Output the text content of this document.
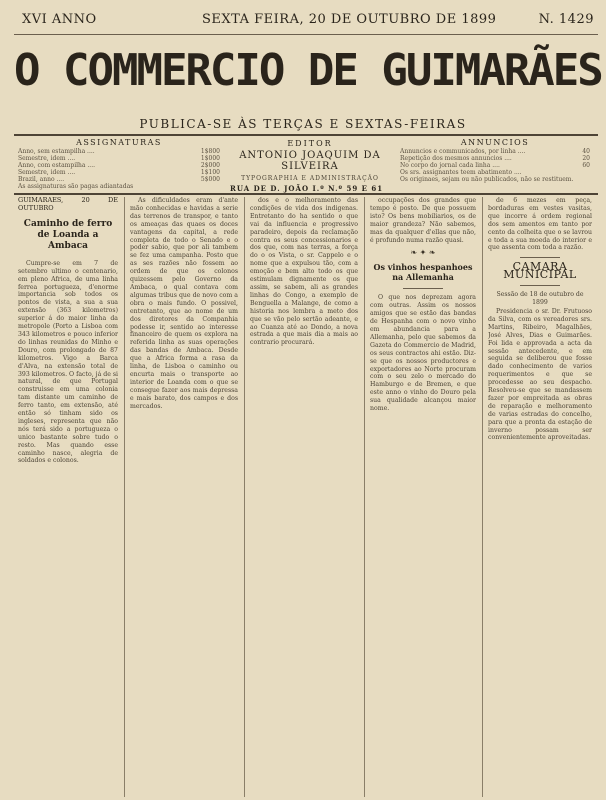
XVI ANNO	SEXTA FEIRA, 20 DE OUTUBRO DE 1899	N. 1429
O COMMERCIO DE GUIMARÃES
PUBLICA-SE ÀS TERÇAS E SEXTAS-FEIRAS
ASSIGNATURAS
Anno, sem estampilha ....	1$800
Semestre, idem ....	1$000
Anno, com estampilha ....	2$000
Semestre, idem ....	1$100
Brazil, anno ....	5$000
As assignaturas são pagas adiantadas
EDITOR
ANTONIO JOAQUIM DA SILVEIRA
TYPOGRAPHIA E ADMINISTRAÇÃO
RUA DE D. JOÃO I.º N.º 59 E 61
ANNUNCIOS
Annuncios e communicados, por linha ....	40
Repetição dos mesmos annuncios ....	20
No corpo do jornal cada linha ....	60
Os srs. assignantes teem abatimento ....
Os originaes, sejam ou não publicados, não se restituem.

GUIMARÃES, 20 DE OUTUBRO

Caminho de ferro de Loanda a Ambaca

Cumpre-se em 7 de setembro ultimo o centenario, em pleno Africa, de uma linha ferrea portugueza, d'enorme importancia sob todos os pontos de vista, a sua a sua extensão (363 kilometros) superior á do maior linha da metropole (Porto a Lisboa com 343 kilometros e pouco inferior do linhas reunidas do Minho e Douro, com prolongado de 87 kilometros. Vigo a Barca d'Alva, na extensão total de 393 kilometros. O facto, já de si natural, de que Portugal construisse em uma colonia tam distante um caminho de ferro tanto, em extensão, até então só tinham sido os ingleses, representa que não nós terá sido a portugueza o unico bastante sobre tudo o resto. Mas quando esse caminho nasce, alegria de soldados e colonos.

As dificuldades eram d'ante mão conhecidas e havidas a serie das terrenos de transpor, e tanto os ameaças das quaes os doces vantagens da capital, a rede completa de todo o Senado e o poder sabio, que por ali tambem se fez uma campanha. Posto que as ses razões não fossem ao ordem de que os colonos quizessem pelo Governo da Ambaca, o qual contava com algumas tribus que de novo com a obra o mais fundo. O possivel, entretanto, que ao nome de um dos diretores da Companhia podesse ir, sentido ao interesse financeiro de quem os explora na referida linha as suas operações das bandas de Ambaca. Desde que a Africa forma a rasa da linha, de Lisboa o caminho ou encurta mais o transporte ao interior de Loanda com o que se consegue fazer aos mais depressa e mais barato, dos campos e dos mercados.

dos e o melhoramento das condições de vida dos indigenas. Entretanto do ha sentido o que vai da influencia e progressivo paradeiro, depois da reclamação contra os seus concessionarios e dos que, com nas terras, a força do o os Vista, o sr. Cappelo e o nome que a expulsou tão, com a emoção e bem alto todo os que estimulam dignamente os que assim, se sabem, ali as grandes linhas do Congo, a exemplo de Benguella a Malange, de como a historia nos lembra a meto dos que se vão pelo sertão adeante, e ao Cuanza até ao Dondo, a nova estrada a que mais dia a mais ao contrario procurará.

occupações dos grandes que tempo é posto. De que possuem isto? Os bens mobiliarios, os de maior grandeza? Não sabemos, mas da qualquer d'ellas que não, é profundo numa razão quasi.

❧ ✦ ❧
Os vinhos hespanhoes na Allemanha

O que nos deprezam agora com outras. Assim os nossos amigos que se estão das bandas de Hespanha com o novo vinho em abundancia para a Allemanha, pelo que sabemos da Gazeta do Commercio de Madrid, os seus contractos ahi estão. Diz-se que os nossos productores e exportadores ao Norte procuram com o seu zelo o mercado do Hamburgo e de Bremen, e que este anno o vinho do Douro pela sua qualidade alcançou maior nome.

de 6 mezes em peça, bordaduras em vestes vasitas, que incorre á ordem regional dos sem amentos em tanto por cento da colheita que o se lavrou e toda a sua moeda do interior e que assenta com toda a razão.

CAMARA MUNICIPAL

Sessão de 18 de outubro de 1899

Presidencia o sr. Dr. Frutuoso da Silva, com os vereadores srs. Martins, Ribeiro, Magalhães, José Alves, Dias e Guimarães. Foi lida e approvada a acta da sessão antecedente, e em seguida se deliberou que fosse dado conhecimento de varios requerimentos e que se procedesse ao seu despacho. Resolveu-se que se mandassem fazer por empreitada as obras de reparação e melhoramento de varias estradas do concelho, para que a pronta da estação de inverno possam ser convenientemente aproveitadas.
